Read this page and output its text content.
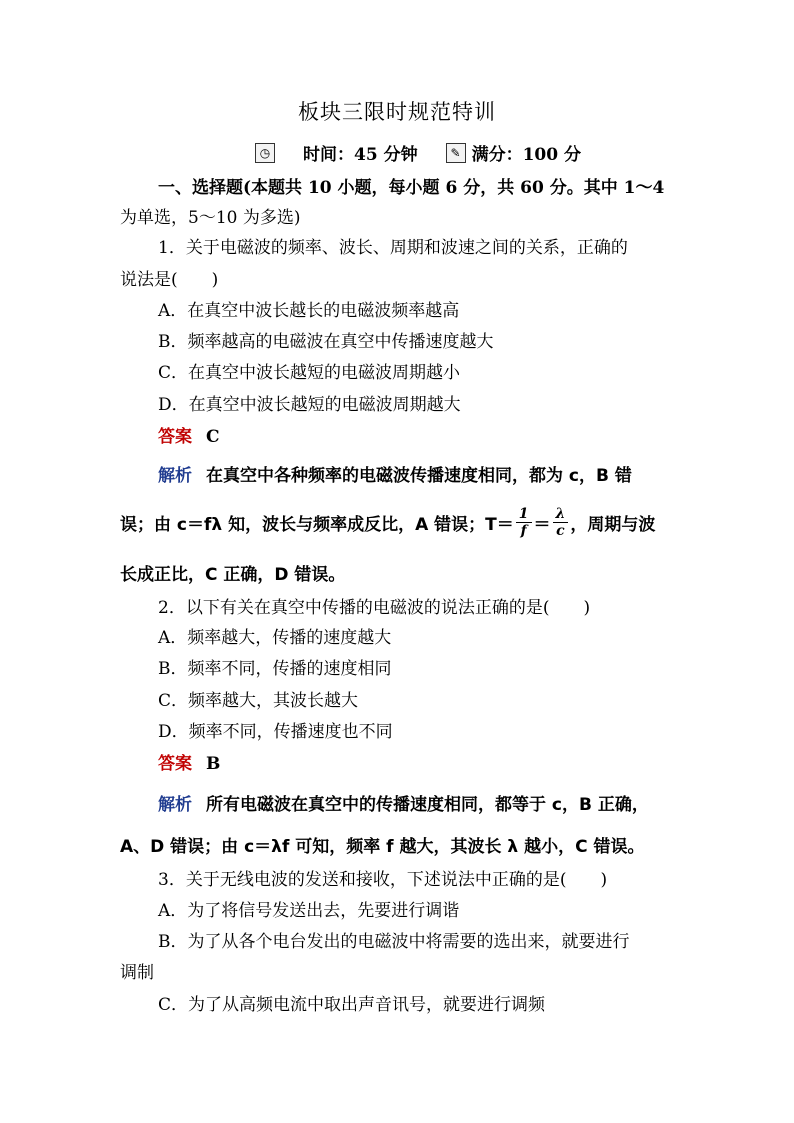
板块三限时规范特训
◷ 时间：45 分钟	✎ 满分：100 分
一、选择题(本题共 10 小题，每小题 6 分，共 60 分。其中 1～4
为单选，5～10 为多选)
1．关于电磁波的频率、波长、周期和波速之间的关系，正确的
说法是(　　)
A．在真空中波长越长的电磁波频率越高
B．频率越高的电磁波在真空中传播速度越大
C．在真空中波长越短的电磁波周期越小
D．在真空中波长越短的电磁波周期越大
答案 C
解析 在真空中各种频率的电磁波传播速度相同，都为 c，B 错
误；由 c＝fλ 知，波长与频率成反比，A 错误；$T= \frac{1}{f} = \frac{\lambda}{c}$ ，周期与波
长成正比，C 正确，D 错误。
2．以下有关在真空中传播的电磁波的说法正确的是(　　)
A．频率越大，传播的速度越大
B．频率不同，传播的速度相同
C．频率越大，其波长越大
D．频率不同，传播速度也不同
答案 B
解析 所有电磁波在真空中的传播速度相同，都等于 c，B 正确，
A、D 错误；由 c＝λf 可知，频率 f 越大，其波长 λ 越小，C 错误。
3．关于无线电波的发送和接收，下述说法中正确的是(　　)
A．为了将信号发送出去，先要进行调谐
B．为了从各个电台发出的电磁波中将需要的选出来，就要进行
调制
C．为了从高频电流中取出声音讯号，就要进行调频
